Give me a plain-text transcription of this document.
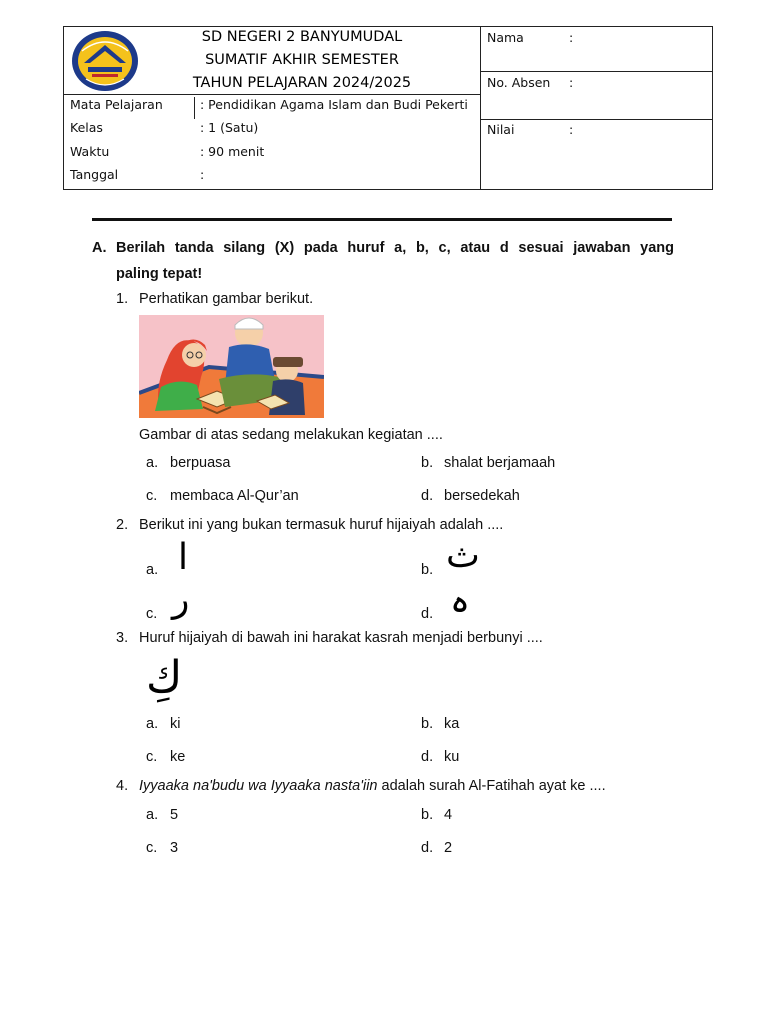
SD NEGERI 2 BANYUMUDAL
SUMATIF AKHIR SEMESTER
TAHUN PELAJARAN 2024/2025
Mata Pelajaran	: Pendidikan Agama Islam dan Budi Pekerti
Kelas	: 1 (Satu)
Waktu	: 90 menit
Tanggal	:
Nama	:
No. Absen :
Nilai	:
A. Berilah tanda silang (X) pada huruf a, b, c, atau d sesuai jawaban yang
paling tepat!
1. Perhatikan gambar berikut.
Gambar di atas sedang melakukan kegiatan ....
a. berpuasa	b. shalat berjamaah
c. membaca Al-Qur’an	d. bersedekah
2. Berikut ini yang bukan termasuk huruf hijaiyah adalah ....
a. ا	b. ث
c. ر	d. ہ
3. Huruf hijaiyah di bawah ini harakat kasrah menjadi berbunyi ....
كِ
a. ki	b. ka
c. ke	d. ku
4. Iyyaaka na'budu wa Iyyaaka nasta'iin adalah surah Al-Fatihah ayat ke ....
a. 5	b. 4
c. 3	d. 2
